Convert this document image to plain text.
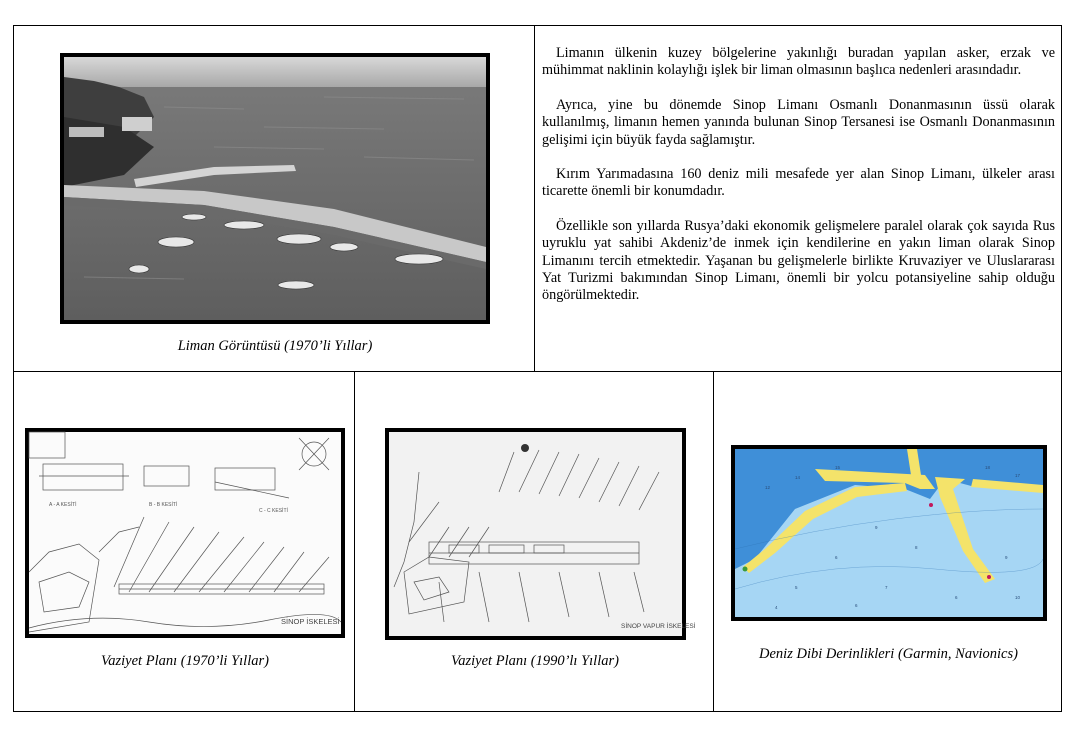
Liman Görüntüsü (1970’li Yıllar)

Limanın ülkenin kuzey bölgelerine yakınlığı buradan yapılan asker, erzak ve mühimmat naklinin kolaylığı işlek bir liman olmasının başlıca nedenleri arasındadır.

Ayrıca, yine bu dönemde Sinop Limanı Osmanlı Donanmasının üssü olarak kullanılmış, limanın hemen yanında bulunan Sinop Tersanesi ise Osmanlı Donanmasının gelişimi için büyük fayda sağlamıştır.

Kırım Yarımadasına 160 deniz mili mesafede yer alan Sinop Limanı, ülkeler arası ticarette önemli bir konumdadır.

Özellikle son yıllarda Rusya’daki ekonomik gelişmelere paralel olarak çok sayıda Rus uyruklu yat sahibi Akdeniz’de inmek için kendilerine en yakın liman olarak Sinop Limanını tercih etmektedir. Yaşanan bu gelişmelerle birlikte Kruvaziyer ve Uluslararası Yat Turizmi bakımından Sinop Limanı, önemli bir yolcu potansiyeline sahip olduğu öngörülmektedir.

A - A KESİTİ	B - B KESİTİ
C - C KESİTİ
SİNOP İSKELESİ
Vaziyet Planı (1970’li Yıllar)
SİNOP VAPUR İSKELESİ
Vaziyet Planı (1990’lı Yıllar)
12
14
15	18
17
9
8
6
5	7
6
9
10
4	6
Deniz Dibi Derinlikleri (Garmin, Navionics)
